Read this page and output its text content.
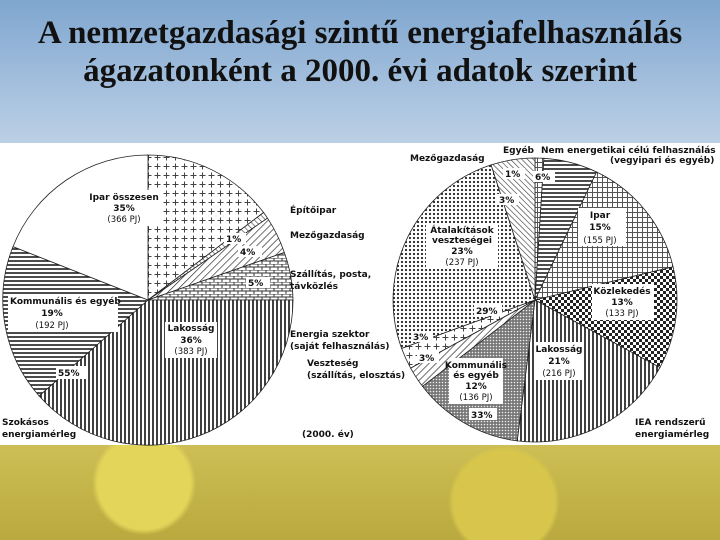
A nemzetgazdasági szintű energiafelhasználás
ágazatonként a 2000. évi adatok szerint
Ipar összesen
35%
(366 PJ)
1%
4%
5%
Lakosság
36%
(383 PJ)
Kommunális és egyéb
19%
(192 PJ)
55%
Építőipar
Mezőgazdaság
Szállítás, posta,
távközlés
Energia szektor
(saját felhasználás)
Veszteség
(szállítás, elosztás)
Egyéb
Mezőgazdaság
Nem energetikai célú felhasználás
(vegyipari és egyéb)
1% 6%
3%
Ipar
15%
(155 PJ)
Közlekedés
13%
(133 PJ)
Lakosság
21%
(216 PJ)
Kommunális
és egyéb
12%
(136 PJ)
Átalakítások
veszteségei
23%
(237 PJ)
29%
3%
3%
33%
Szokásos
energiamérleg	(2000. év)
IEA rendszerű
energiamérleg
